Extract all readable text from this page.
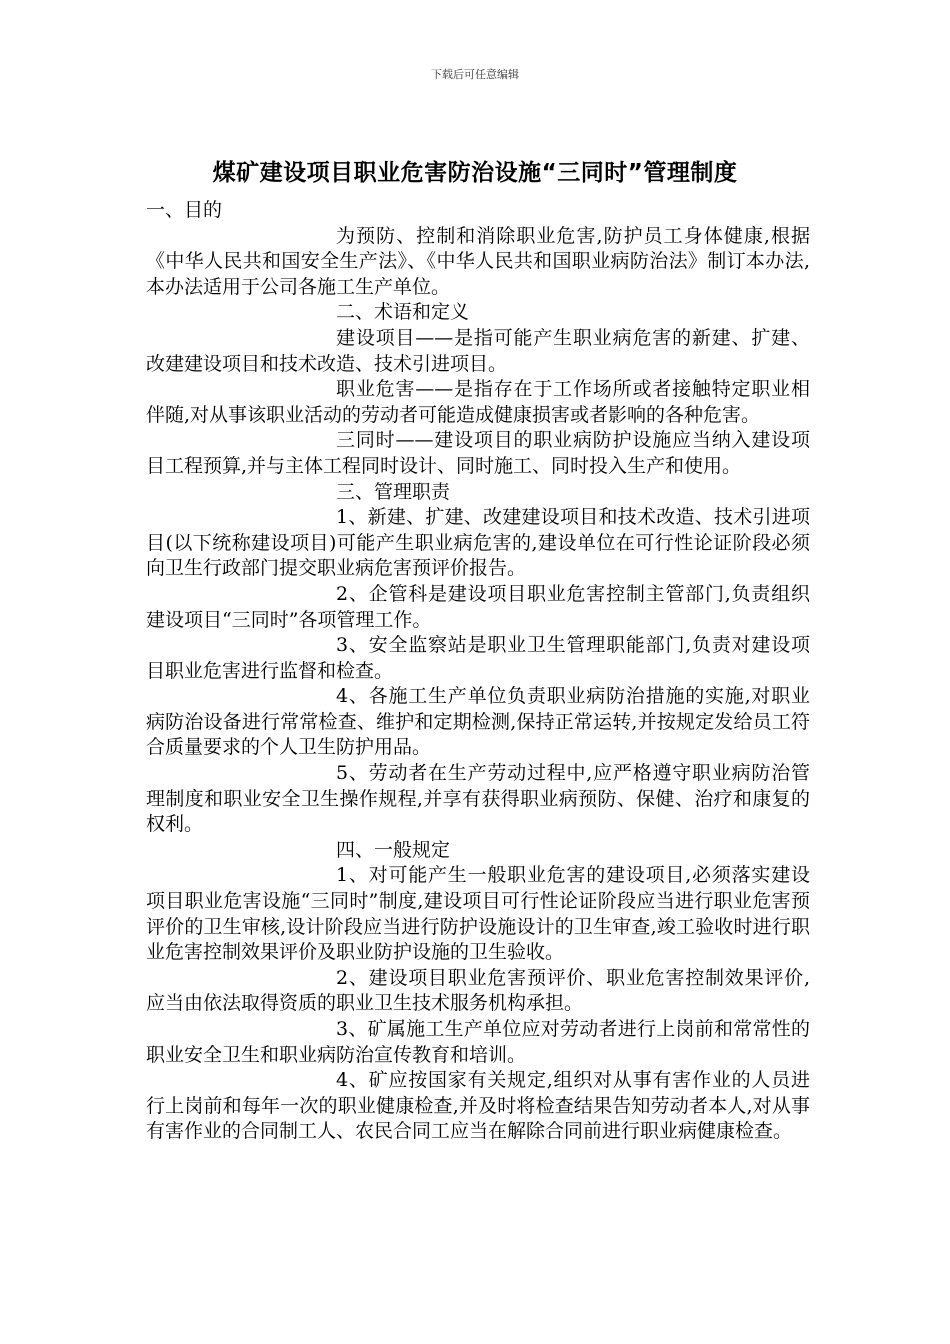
下载后可任意编辑
煤矿建设项目职业危害防治设施“三同时”管理制度

一、目的

为预防、控制和消除职业危害,防护员工身体健康,根据《中华人民共和国安全生产法》、《中华人民共和国职业病防治法》制订本办法,本办法适用于公司各施工生产单位。

二、术语和定义

建设项目——是指可能产生职业病危害的新建、扩建、改建建设项目和技术改造、技术引进项目。

职业危害——是指存在于工作场所或者接触特定职业相伴随,对从事该职业活动的劳动者可能造成健康损害或者影响的各种危害。

三同时——建设项目的职业病防护设施应当纳入建设项目工程预算,并与主体工程同时设计、同时施工、同时投入生产和使用。

三、管理职责

1、新建、扩建、改建建设项目和技术改造、技术引进项目(以下统称建设项目)可能产生职业病危害的,建设单位在可行性论证阶段必须向卫生行政部门提交职业病危害预评价报告。

2、企管科是建设项目职业危害控制主管部门,负责组织建设项目“三同时”各项管理工作。

3、安全监察站是职业卫生管理职能部门,负责对建设项目职业危害进行监督和检查。

4、各施工生产单位负责职业病防治措施的实施,对职业病防治设备进行常常检查、维护和定期检测,保持正常运转,并按规定发给员工符合质量要求的个人卫生防护用品。

5、劳动者在生产劳动过程中,应严格遵守职业病防治管理制度和职业安全卫生操作规程,并享有获得职业病预防、保健、治疗和康复的权利。

四、一般规定

1、对可能产生一般职业危害的建设项目,必须落实建设项目职业危害设施“三同时”制度,建设项目可行性论证阶段应当进行职业危害预评价的卫生审核,设计阶段应当进行防护设施设计的卫生审查,竣工验收时进行职业危害控制效果评价及职业防护设施的卫生验收。

2、建设项目职业危害预评价、职业危害控制效果评价,应当由依法取得资质的职业卫生技术服务机构承担。

3、矿属施工生产单位应对劳动者进行上岗前和常常性的职业安全卫生和职业病防治宣传教育和培训。

4、矿应按国家有关规定,组织对从事有害作业的人员进行上岗前和每年一次的职业健康检查,并及时将检查结果告知劳动者本人,对从事有害作业的合同制工人、农民合同工应当在解除合同前进行职业病健康检查。
